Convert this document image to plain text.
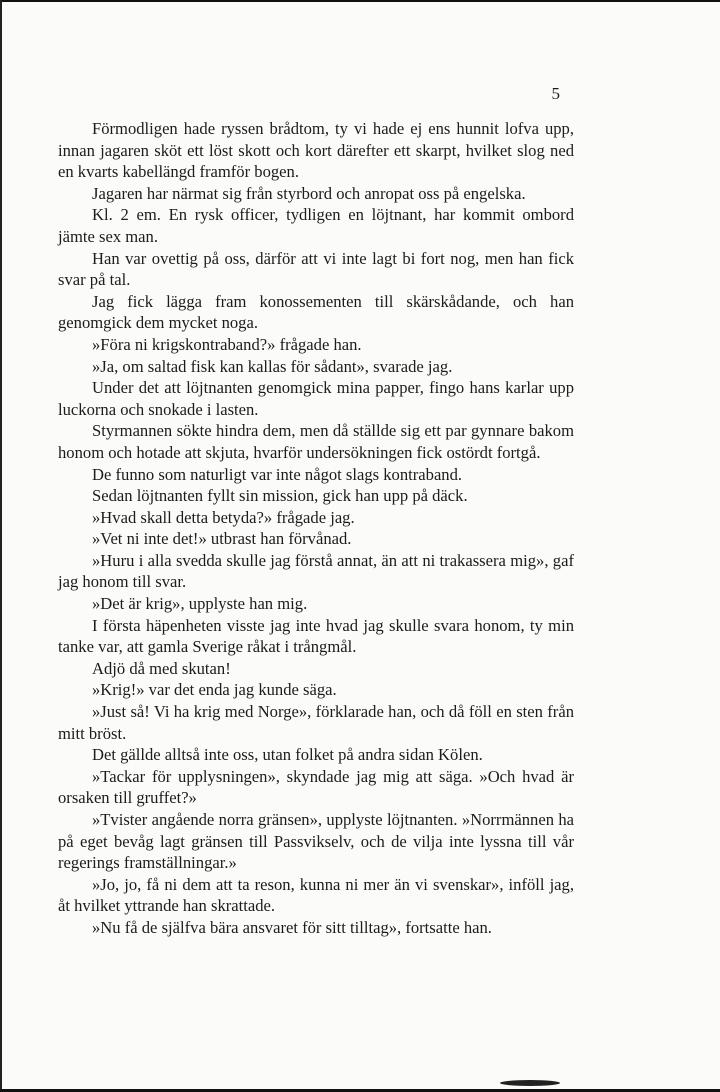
5

Förmodligen hade ryssen brådtom, ty vi hade ej ens hunnit lofva upp, innan jagaren sköt ett löst skott och kort därefter ett skarpt, hvilket slog ned en kvarts kabellängd framför bogen.

Jagaren har närmat sig från styrbord och anropat oss på engelska.

Kl. 2 em. En rysk officer, tydligen en löjtnant, har kommit ombord jämte sex man.

Han var ovettig på oss, därför att vi inte lagt bi fort nog, men han fick svar på tal.

Jag fick lägga fram konossementen till skärskådande, och han genomgick dem mycket noga.

»Föra ni krigskontraband?» frågade han.

»Ja, om saltad fisk kan kallas för sådant», svarade jag.

Under det att löjtnanten genomgick mina papper, fingo hans karlar upp luckorna och snokade i lasten.

Styrmannen sökte hindra dem, men då ställde sig ett par gynnare bakom honom och hotade att skjuta, hvarför undersökningen fick ostördt fortgå.

De funno som naturligt var inte något slags kontraband.

Sedan löjtnanten fyllt sin mission, gick han upp på däck.

»Hvad skall detta betyda?» frågade jag.

»Vet ni inte det!» utbrast han förvånad.

»Huru i alla svedda skulle jag förstå annat, än att ni trakassera mig», gaf jag honom till svar.

»Det är krig», upplyste han mig.

I första häpenheten visste jag inte hvad jag skulle svara honom, ty min tanke var, att gamla Sverige råkat i trångmål.

Adjö då med skutan!

»Krig!» var det enda jag kunde säga.

»Just så! Vi ha krig med Norge», förklarade han, och då föll en sten från mitt bröst.

Det gällde alltså inte oss, utan folket på andra sidan Kölen.

»Tackar för upplysningen», skyndade jag mig att säga. »Och hvad är orsaken till gruffet?»

»Tvister angående norra gränsen», upplyste löjtnanten. »Norrmännen ha på eget bevåg lagt gränsen till Passvikselv, och de vilja inte lyssna till vår regerings framställningar.»

»Jo, jo, få ni dem att ta reson, kunna ni mer än vi svenskar», inföll jag, åt hvilket yttrande han skrattade.

»Nu få de själfva bära ansvaret för sitt tilltag», fortsatte han.
